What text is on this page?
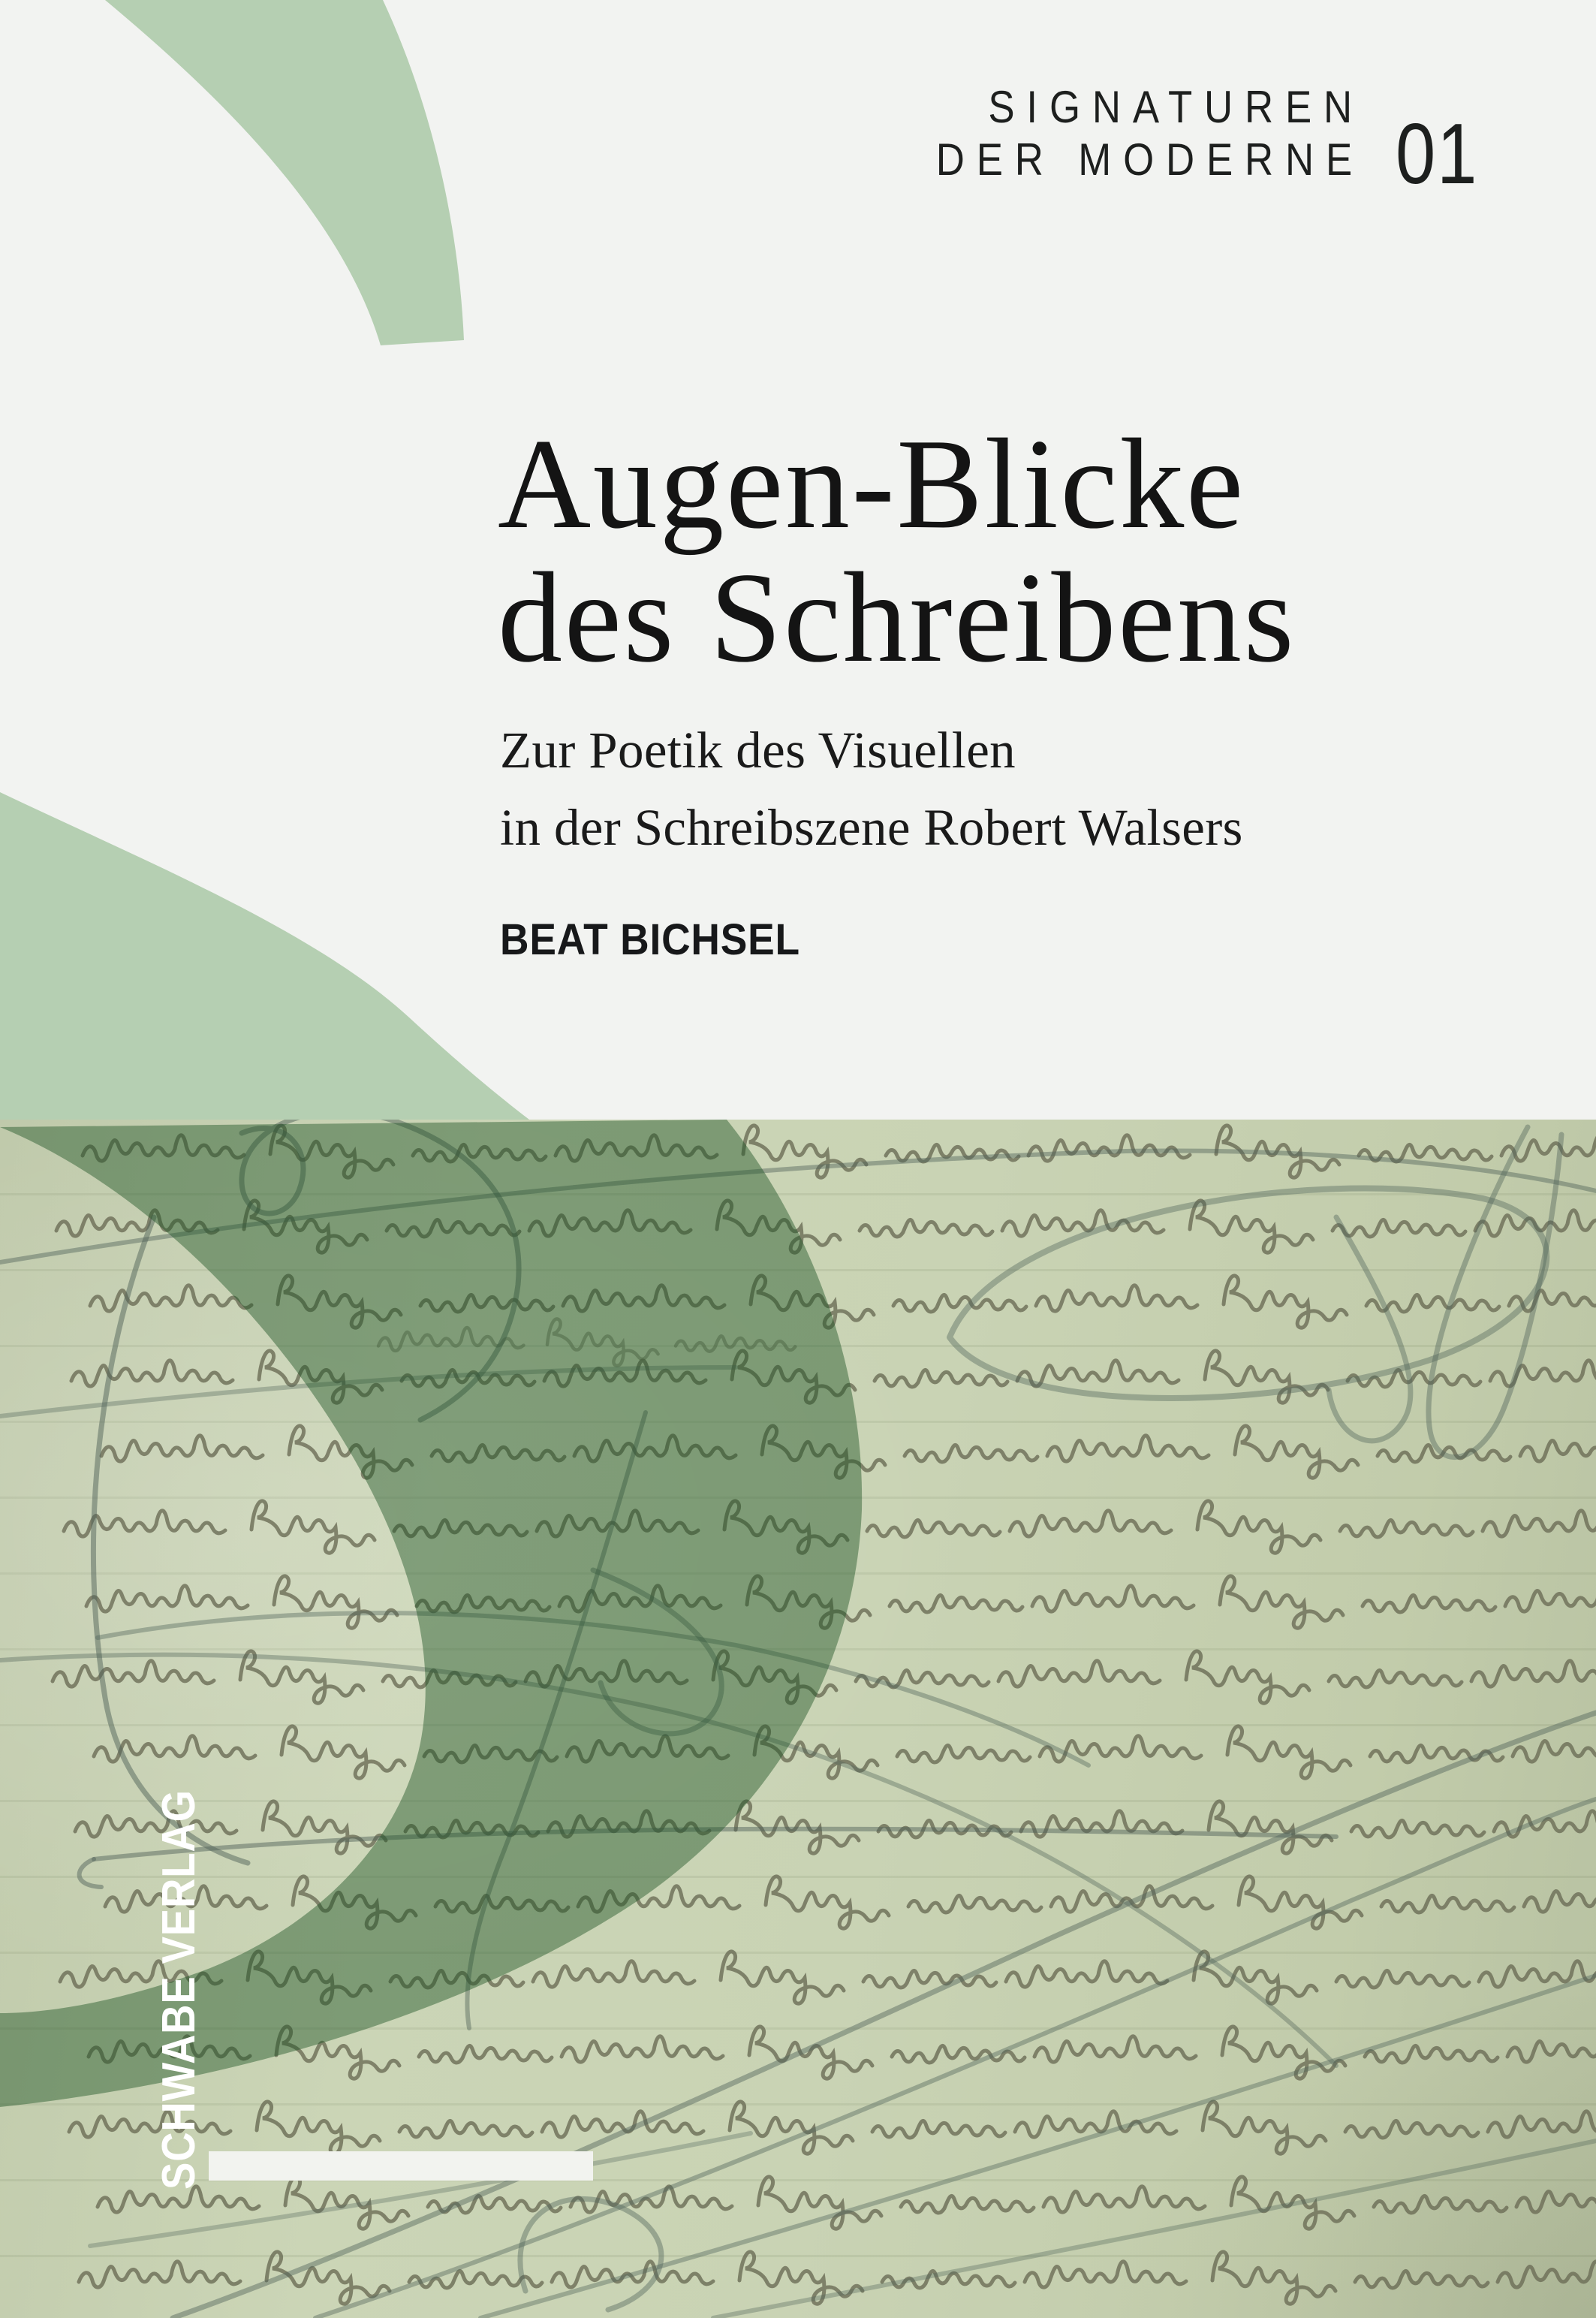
SIGNATUREN
DER MODERNE 01
Augen-Blicke
des Schreibens
Zur Poetik des Visuellen
in der Schreibszene Robert Walsers
BEAT BICHSEL
SCHWABE VERLAG
